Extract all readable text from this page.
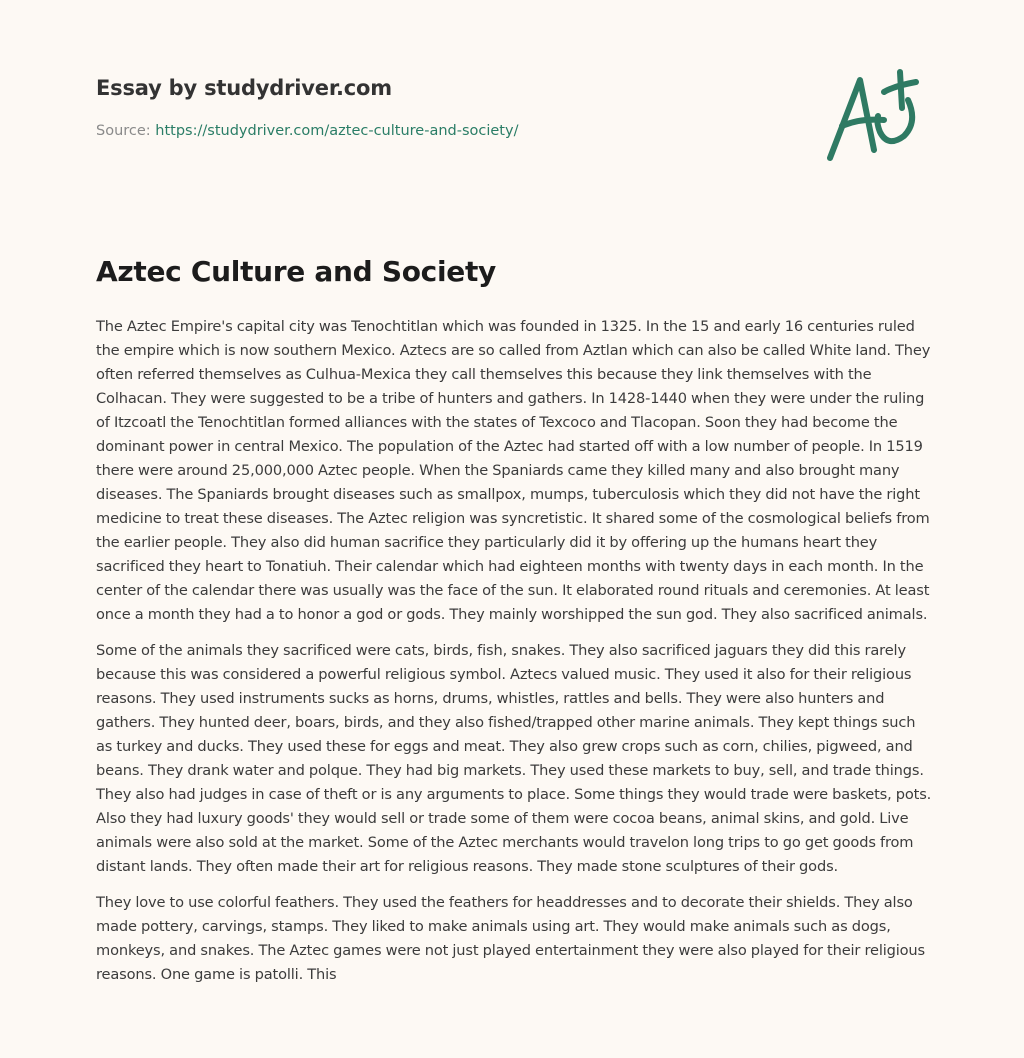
Essay by studydriver.com
Source: https://studydriver.com/aztec-culture-and-society/
Aztec Culture and Society

The Aztec Empire's capital city was Tenochtitlan which was founded in 1325. In the 15 and early 16 centuries ruled the empire which is now southern Mexico. Aztecs are so called from Aztlan which can also be called White land. They often referred themselves as Culhua-Mexica they call themselves this because they link themselves with the Colhacan. They were suggested to be a tribe of hunters and gathers. In 1428-1440 when they were under the ruling of Itzcoatl the Tenochtitlan formed alliances with the states of Texcoco and Tlacopan. Soon they had become the dominant power in central Mexico. The population of the Aztec had started off with a low number of people. In 1519 there were around 25,000,000 Aztec people. When the Spaniards came they killed many and also brought many diseases. The Spaniards brought diseases such as smallpox, mumps, tuberculosis which they did not have the right medicine to treat these diseases. The Aztec religion was syncretistic. It shared some of the cosmological beliefs from the earlier people. They also did human sacrifice they particularly did it by offering up the humans heart they sacrificed they heart to Tonatiuh. Their calendar which had eighteen months with twenty days in each month. In the center of the calendar there was usually was the face of the sun. It elaborated round rituals and ceremonies. At least once a month they had a to honor a god or gods. They mainly worshipped the sun god. They also sacrificed animals.

Some of the animals they sacrificed were cats, birds, fish, snakes. They also sacrificed jaguars they did this rarely because this was considered a powerful religious symbol. Aztecs valued music. They used it also for their religious reasons. They used instruments sucks as horns, drums, whistles, rattles and bells. They were also hunters and gathers. They hunted deer, boars, birds, and they also fished/trapped other marine animals. They kept things such as turkey and ducks. They used these for eggs and meat. They also grew crops such as corn, chilies, pigweed, and beans. They drank water and polque. They had big markets. They used these markets to buy, sell, and trade things. They also had judges in case of theft or is any arguments to place. Some things they would trade were baskets, pots. Also they had luxury goods' they would sell or trade some of them were cocoa beans, animal skins, and gold. Live animals were also sold at the market. Some of the Aztec merchants would travelon long trips to go get goods from distant lands. They often made their art for religious reasons. They made stone sculptures of their gods.

They love to use colorful feathers. They used the feathers for headdresses and to decorate their shields. They also made pottery, carvings, stamps. They liked to make animals using art. They would make animals such as dogs, monkeys, and snakes. The Aztec games were not just played entertainment they were also played for their religious reasons. One game is patolli. This
